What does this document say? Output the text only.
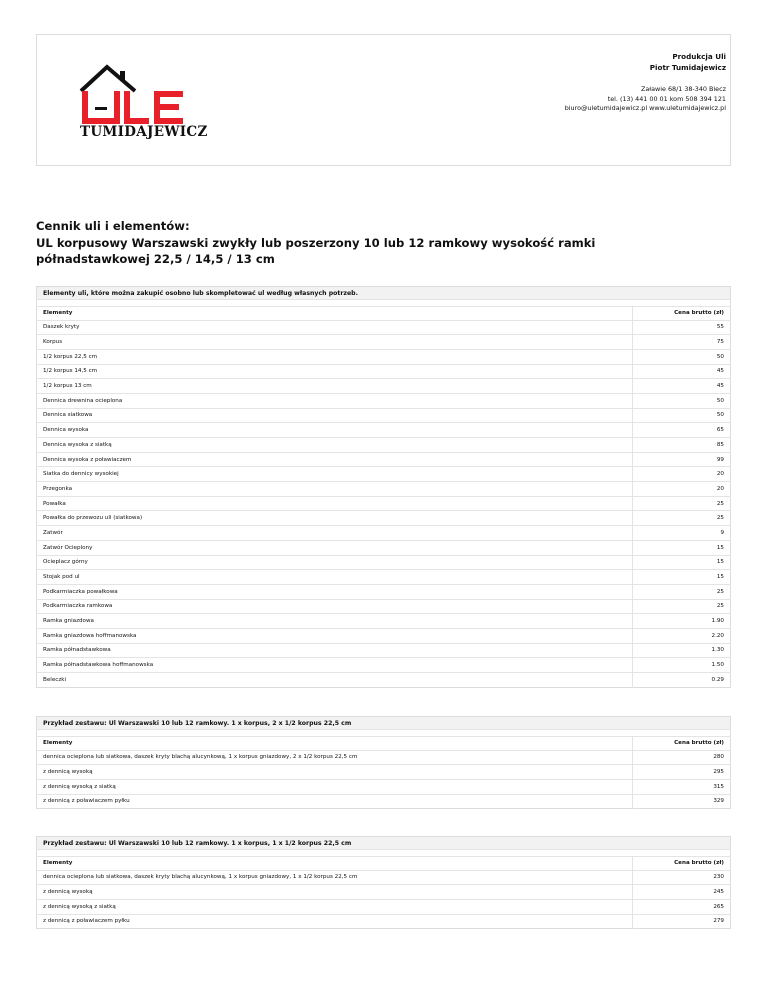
TUMIDAJEWICZ
Produkcja Uli
Piotr Tumidajewicz
Załawie 68/1 38-340 Biecz
tel. (13) 441 00 01 kom 508 394 121
biuro@uletumidajewicz.pl www.uletumidajewicz.pl
Cennik uli i elementów:
UL korpusowy Warszawski zwykły lub poszerzony 10 lub 12 ramkowy wysokość ramki
półnadstawkowej 22,5 / 14,5 / 13 cm
Elementy uli, które można zakupić osobno lub skompletować ul według własnych potrzeb.	

Elementy	Cena brutto (zł)
Daszek kryty	55
Korpus	75
1/2 korpus 22,5 cm	50
1/2 korpus 14,5 cm	45
1/2 korpus 13 cm	45
Dennica drewnina ocieplona	50
Dennica siatkowa	50
Dennica wysoka	65
Dennica wysoka z siatką	85
Dennica wysoka z poławiaczem	99
Siatka do dennicy wysokiej	20
Przegonka	20
Powałka	25
Powałka do przewozu uli (siatkowa)	25
Zatwór	9
Zatwór Ocieplony	15
Ocieplacz górny	15
Stojak pod ul	15
Podkarmiaczka powałkowa	25
Podkarmiaczka ramkowa	25
Ramka gniazdowa	1.90
Ramka gniazdowa hoffmanowska	2.20
Ramka półnadstawkowa	1.30
Ramka półnadstawkowa hoffmanowska	1.50
Beleczki	0.29
Przykład zestawu: Ul Warszawski 10 lub 12 ramkowy. 1 x korpus, 2 x 1/2 korpus 22,5 cm	

Elementy	Cena brutto (zł)
dennica ocieplona lub siatkowa, daszek kryty blachą alucynkową, 1 x korpus gniazdowy, 2 x 1/2 korpus 22,5 cm	280
z dennicą wysoką	295
z dennicą wysoką z siatką	315
z dennicą z poławiaczem pyłku	329
Przykład zestawu: Ul Warszawski 10 lub 12 ramkowy. 1 x korpus, 1 x 1/2 korpus 22,5 cm	

Elementy	Cena brutto (zł)
dennica ocieplona lub siatkowa, daszek kryty blachą alucynkową, 1 x korpus gniazdowy, 1 x 1/2 korpus 22,5 cm	230
z dennicą wysoką	245
z dennicą wysoką z siatką	265
z dennicą z poławiaczem pyłku	279
